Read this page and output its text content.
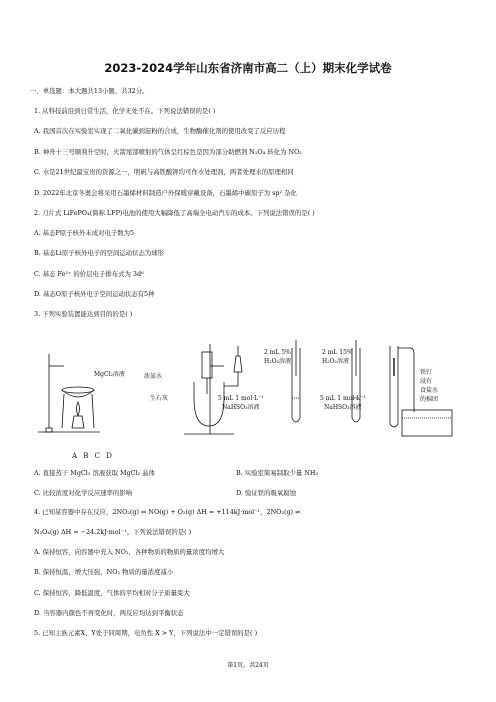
2023-2024学年山东省济南市高二（上）期末化学试卷
一、单选题：本大题共13小题，共32分。
1. 从科技前沿到日常生活，化学无处不在。下列说法错误的是( )
A. 我国首次在实验室实现了二氧化碳到淀粉的合成，生物酶催化剂的使用改变了反应历程
B. 神舟十三号顺利升空时，火箭尾部喷射的气体呈红棕色是因为部分助燃剂 N₂O₄ 转化为 NO₂
C. 水是21世纪最宝贵的资源之一，明矾与高铁酸钾均可作水处理剂，两者处理水的原理相同
D. 2022年北京冬奥会将采用石墨烯材料制造户外保暖穿戴设备，石墨烯中碳原子为 sp² 杂化
2. 刀片式 LiFePO₄(简称 LFP)电池的使用大幅降低了高端全电动汽车的成本。下列说法错误的是( )
A. 基态P原子核外未成对电子数为5
B. 基态Li原子核外电子的空间运动状态为球形
C. 基态 Fe²⁺ 的价层电子排布式为 3d⁶
D. 基态O原子核外电子空间运动状态有5种
3. 下列实验装置能达到目的的是( )
MgCl₂溶液	浓氨水
生石灰
2 mL 5%
H₂O₂溶液
2 mL 15%
H₂O₂溶液
5 mL 1 mol·L⁻¹
NaHSO₃溶液
5 mL 1 mol·L⁻¹
NaHSO₃溶液
铁钉
浸有
食盐水
的棉团
A B C D
A. 直接蒸干 MgCl₂ 溶液获取 MgCl₂ 晶体	B. 实验室简易制取少量 NH₃
C. 比较浓度对化学反应速率的影响	D. 验证铁的吸氧腐蚀
4. 已知某容器中存在反应，2NO₂(g) ⇌ NO(g) + O₂(g) ΔH = +114kJ·mol⁻¹，2NO₂(g) ⇌
N₂O₄(g) ΔH = −24.2kJ·mol⁻¹。下列说法错误的是( )
A. 保持恒容，向容器中充入 NO₂，各种物质的物质的量浓度均增大
B. 保持恒温，增大压强，NO₂ 物质的量浓度减小
C. 保持恒容，降低温度，气体的平均相对分子质量变大
D. 当容器内颜色不再变化时，两反应均达到平衡状态
5. 已知主族元素X、Y处于同周期，电负性 X > Y，下列说法中一定错误的是( )
第1页，共24页
